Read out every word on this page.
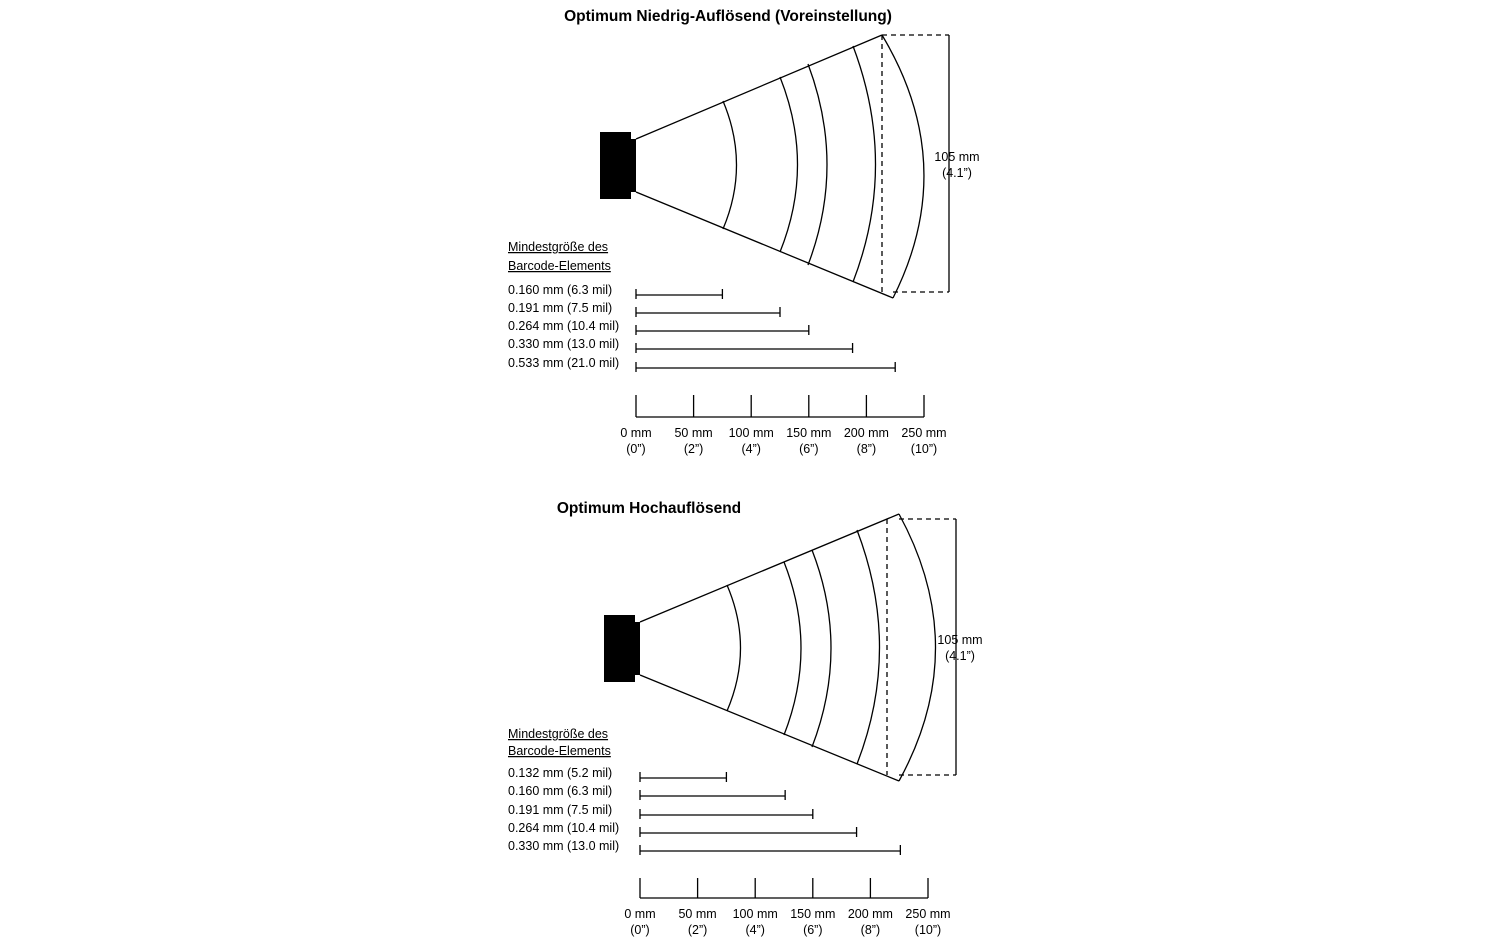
Optimum Niedrig-Auflösend (Voreinstellung)
105 mm
(4.1”)
Mindestgröße des
Barcode-Elements
0.160 mm (6.3 mil)
0.191 mm (7.5 mil)
0.264 mm (10.4 mil)
0.330 mm (13.0 mil)
0.533 mm (21.0 mil)
0 mm
(0”)
50 mm
(2”)
100 mm
(4”)
150 mm
(6”)
200 mm
(8”)
250 mm
(10”)
Optimum Hochauflösend
105 mm
(4.1”)
Mindestgröße des
Barcode-Elements
0.132 mm (5.2 mil)
0.160 mm (6.3 mil)
0.191 mm (7.5 mil)
0.264 mm (10.4 mil)
0.330 mm (13.0 mil)
0 mm
(0”)
50 mm
(2”)
100 mm
(4”)
150 mm
(6”)
200 mm
(8”)
250 mm
(10”)
